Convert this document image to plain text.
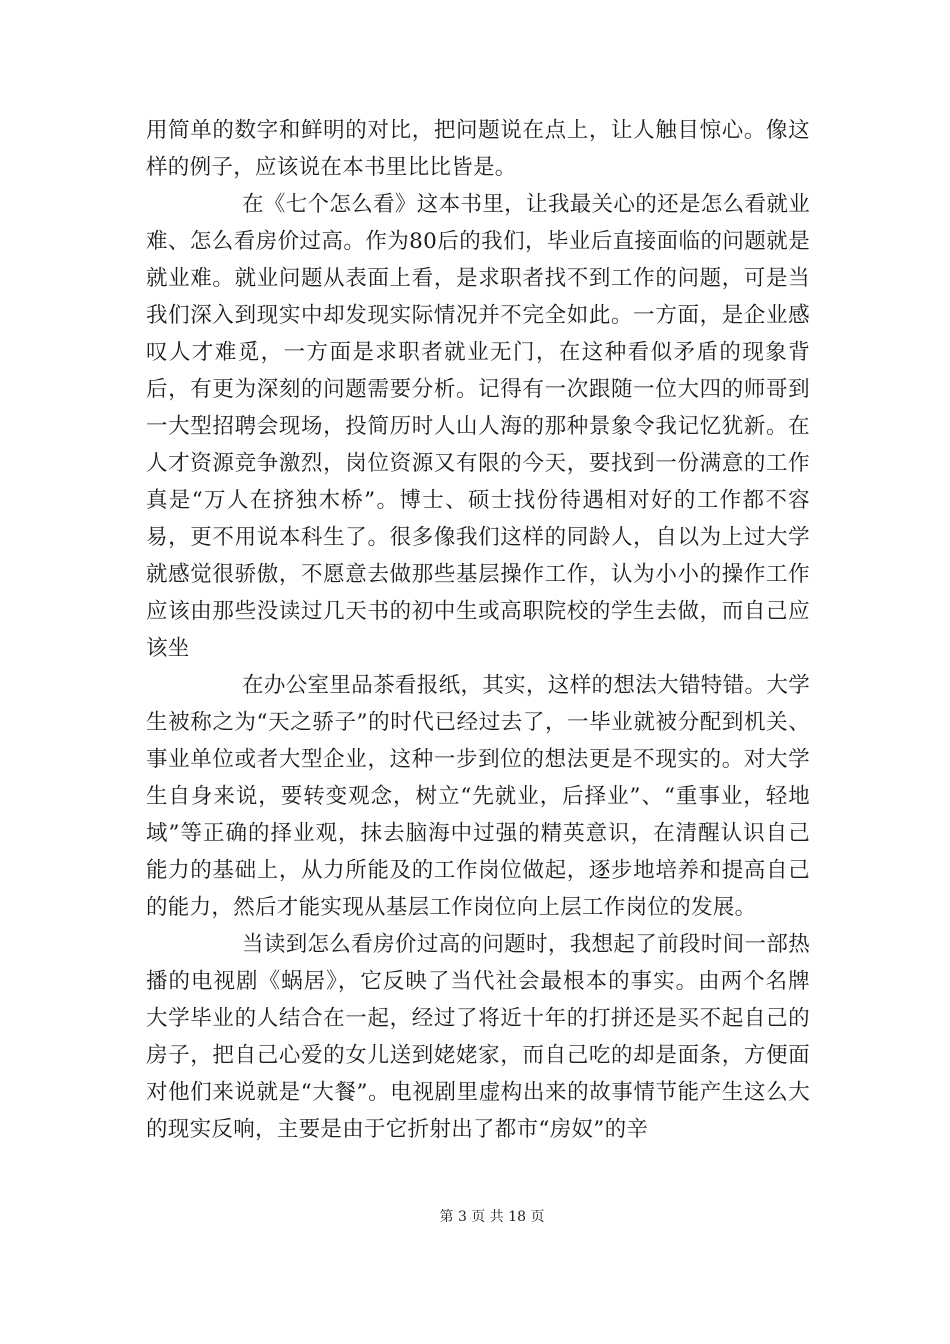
用简单的数字和鲜明的对比，把问题说在点上，让人触目惊心。像这样的例子，应该说在本书里比比皆是。

在《七个怎么看》这本书里，让我最关心的还是怎么看就业难、怎么看房价过高。作为80后的我们，毕业后直接面临的问题就是就业难。就业问题从表面上看，是求职者找不到工作的问题，可是当我们深入到现实中却发现实际情况并不完全如此。一方面，是企业感叹人才难觅，一方面是求职者就业无门，在这种看似矛盾的现象背后，有更为深刻的问题需要分析。记得有一次跟随一位大四的师哥到一大型招聘会现场，投简历时人山人海的那种景象令我记忆犹新。在人才资源竞争激烈，岗位资源又有限的今天，要找到一份满意的工作真是“万人在挤独木桥”。博士、硕士找份待遇相对好的工作都不容易，更不用说本科生了。很多像我们这样的同龄人，自以为上过大学就感觉很骄傲，不愿意去做那些基层操作工作，认为小小的操作工作应该由那些没读过几天书的初中生或高职院校的学生去做，而自己应该坐

在办公室里品茶看报纸，其实，这样的想法大错特错。大学生被称之为“天之骄子”的时代已经过去了，一毕业就被分配到机关、事业单位或者大型企业，这种一步到位的想法更是不现实的。对大学生自身来说，要转变观念，树立“先就业，后择业”、“重事业，轻地域”等正确的择业观，抹去脑海中过强的精英意识，在清醒认识自己能力的基础上，从力所能及的工作岗位做起，逐步地培养和提高自己的能力，然后才能实现从基层工作岗位向上层工作岗位的发展。

当读到怎么看房价过高的问题时，我想起了前段时间一部热播的电视剧《蜗居》，它反映了当代社会最根本的事实。由两个名牌大学毕业的人结合在一起，经过了将近十年的打拼还是买不起自己的房子，把自己心爱的女儿送到姥姥家，而自己吃的却是面条，方便面对他们来说就是“大餐”。电视剧里虚构出来的故事情节能产生这么大的现实反响，主要是由于它折射出了都市“房奴”的辛

第 3 页 共 18 页
